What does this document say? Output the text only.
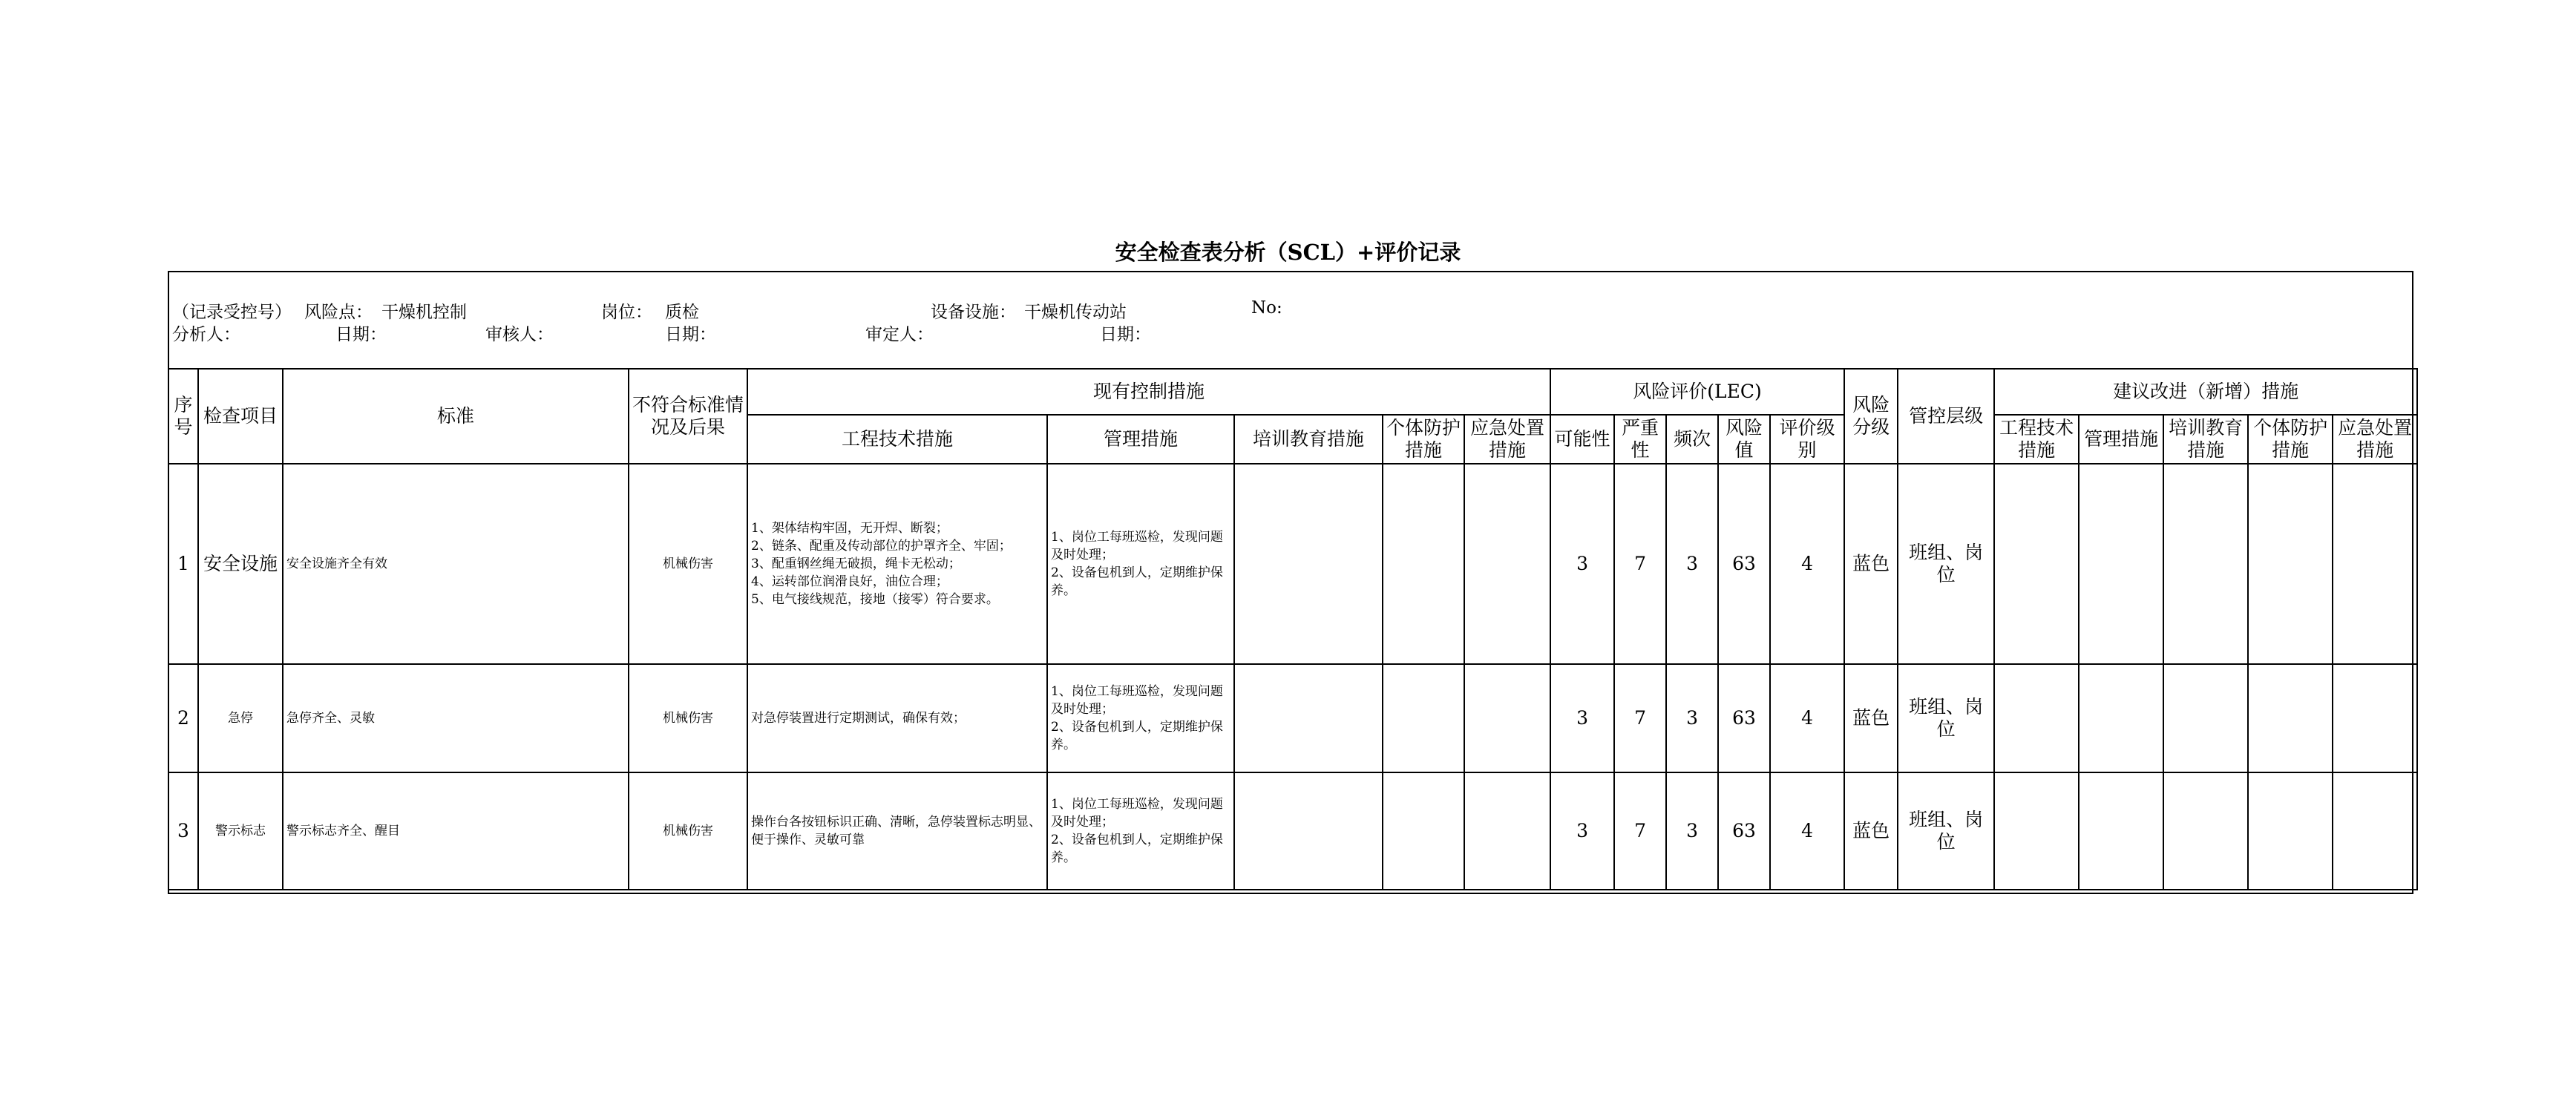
安全检查表分析（SCL）+评价记录
（记录受控号） 风险点： 干燥机控制	岗位： 质检	设备设施： 干燥机传动站	No:
分析人：	日期：	审核人：	日期：	审定人：	日期：
序号	检查项目	标准	不符合标准情况及后果	现有控制措施					风险评价(LEC)					风险分级	管控层级	建议改进（新增）措施				
				工程技术措施	管理措施	培训教育措施	个体防护措施	应急处置措施	可能性	严重性	频次	风险值	评价级别			工程技术措施	管理措施	培训教育措施	个体防护措施	应急处置措施
1	安全设施	安全设施齐全有效	机械伤害	1、架体结构牢固，无开焊、断裂；
2、链条、配重及传动部位的护罩齐全、牢固；
3、配重钢丝绳无破损，绳卡无松动；
4、运转部位润滑良好，油位合理；
5、电气接线规范，接地（接零）符合要求。	1、岗位工每班巡检，发现问题及时处理；
2、设备包机到人，定期维护保养。				3	7	3	63	4	蓝色	班组、岗位					
2	急停	急停齐全、灵敏	机械伤害	对急停装置进行定期测试，确保有效；	1、岗位工每班巡检，发现问题及时处理；
2、设备包机到人，定期维护保养。				3	7	3	63	4	蓝色	班组、岗位					
3	警示标志	警示标志齐全、醒目	机械伤害	操作台各按钮标识正确、清晰，急停装置标志明显、便于操作、灵敏可靠	1、岗位工每班巡检，发现问题及时处理；
2、设备包机到人，定期维护保养。				3	7	3	63	4	蓝色	班组、岗位					
